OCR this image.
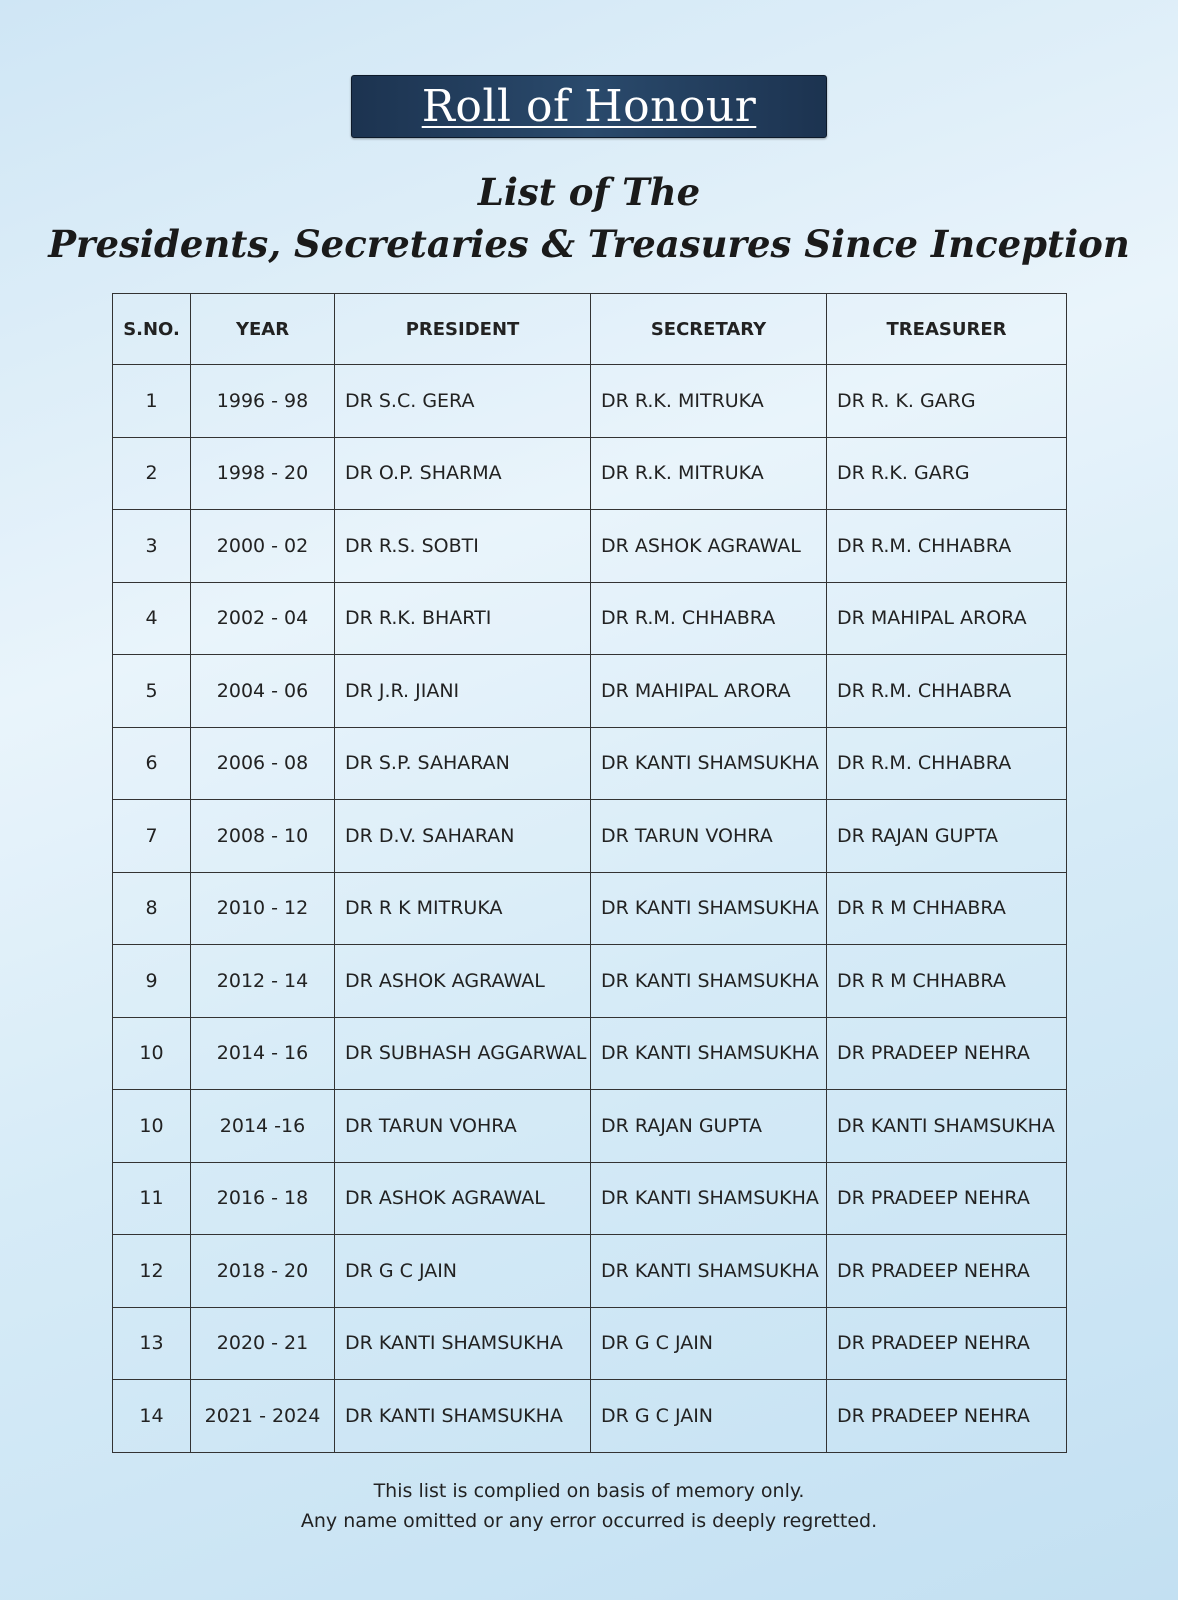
Roll of Honour
List of The
Presidents, Secretaries & Treasures Since Inception
S.NO.	YEAR	PRESIDENT	SECRETARY	TREASURER
1	1996 - 98	DR S.C. GERA	DR R.K. MITRUKA	DR R. K. GARG
2	1998 - 20	DR O.P. SHARMA	DR R.K. MITRUKA	DR R.K. GARG
3	2000 - 02	DR R.S. SOBTI	DR ASHOK AGRAWAL	DR R.M. CHHABRA
4	2002 - 04	DR R.K. BHARTI	DR R.M. CHHABRA	DR MAHIPAL ARORA
5	2004 - 06	DR J.R. JIANI	DR MAHIPAL ARORA	DR R.M. CHHABRA
6	2006 - 08	DR S.P. SAHARAN	DR KANTI SHAMSUKHA	DR R.M. CHHABRA
7	2008 - 10	DR D.V. SAHARAN	DR TARUN VOHRA	DR RAJAN GUPTA
8	2010 - 12	DR R K MITRUKA	DR KANTI SHAMSUKHA	DR R M CHHABRA
9	2012 - 14	DR ASHOK AGRAWAL	DR KANTI SHAMSUKHA	DR R M CHHABRA
10	2014 - 16	DR SUBHASH AGGARWAL	DR KANTI SHAMSUKHA	DR PRADEEP NEHRA
10	2014 -16	DR TARUN VOHRA	DR RAJAN GUPTA	DR KANTI SHAMSUKHA
11	2016 - 18	DR ASHOK AGRAWAL	DR KANTI SHAMSUKHA	DR PRADEEP NEHRA
12	2018 - 20	DR G C JAIN	DR KANTI SHAMSUKHA	DR PRADEEP NEHRA
13	2020 - 21	DR KANTI SHAMSUKHA	DR G C JAIN	DR PRADEEP NEHRA
14	2021 - 2024	DR KANTI SHAMSUKHA	DR G C JAIN	DR PRADEEP NEHRA
This list is complied on basis of memory only.
Any name omitted or any error occurred is deeply regretted.
